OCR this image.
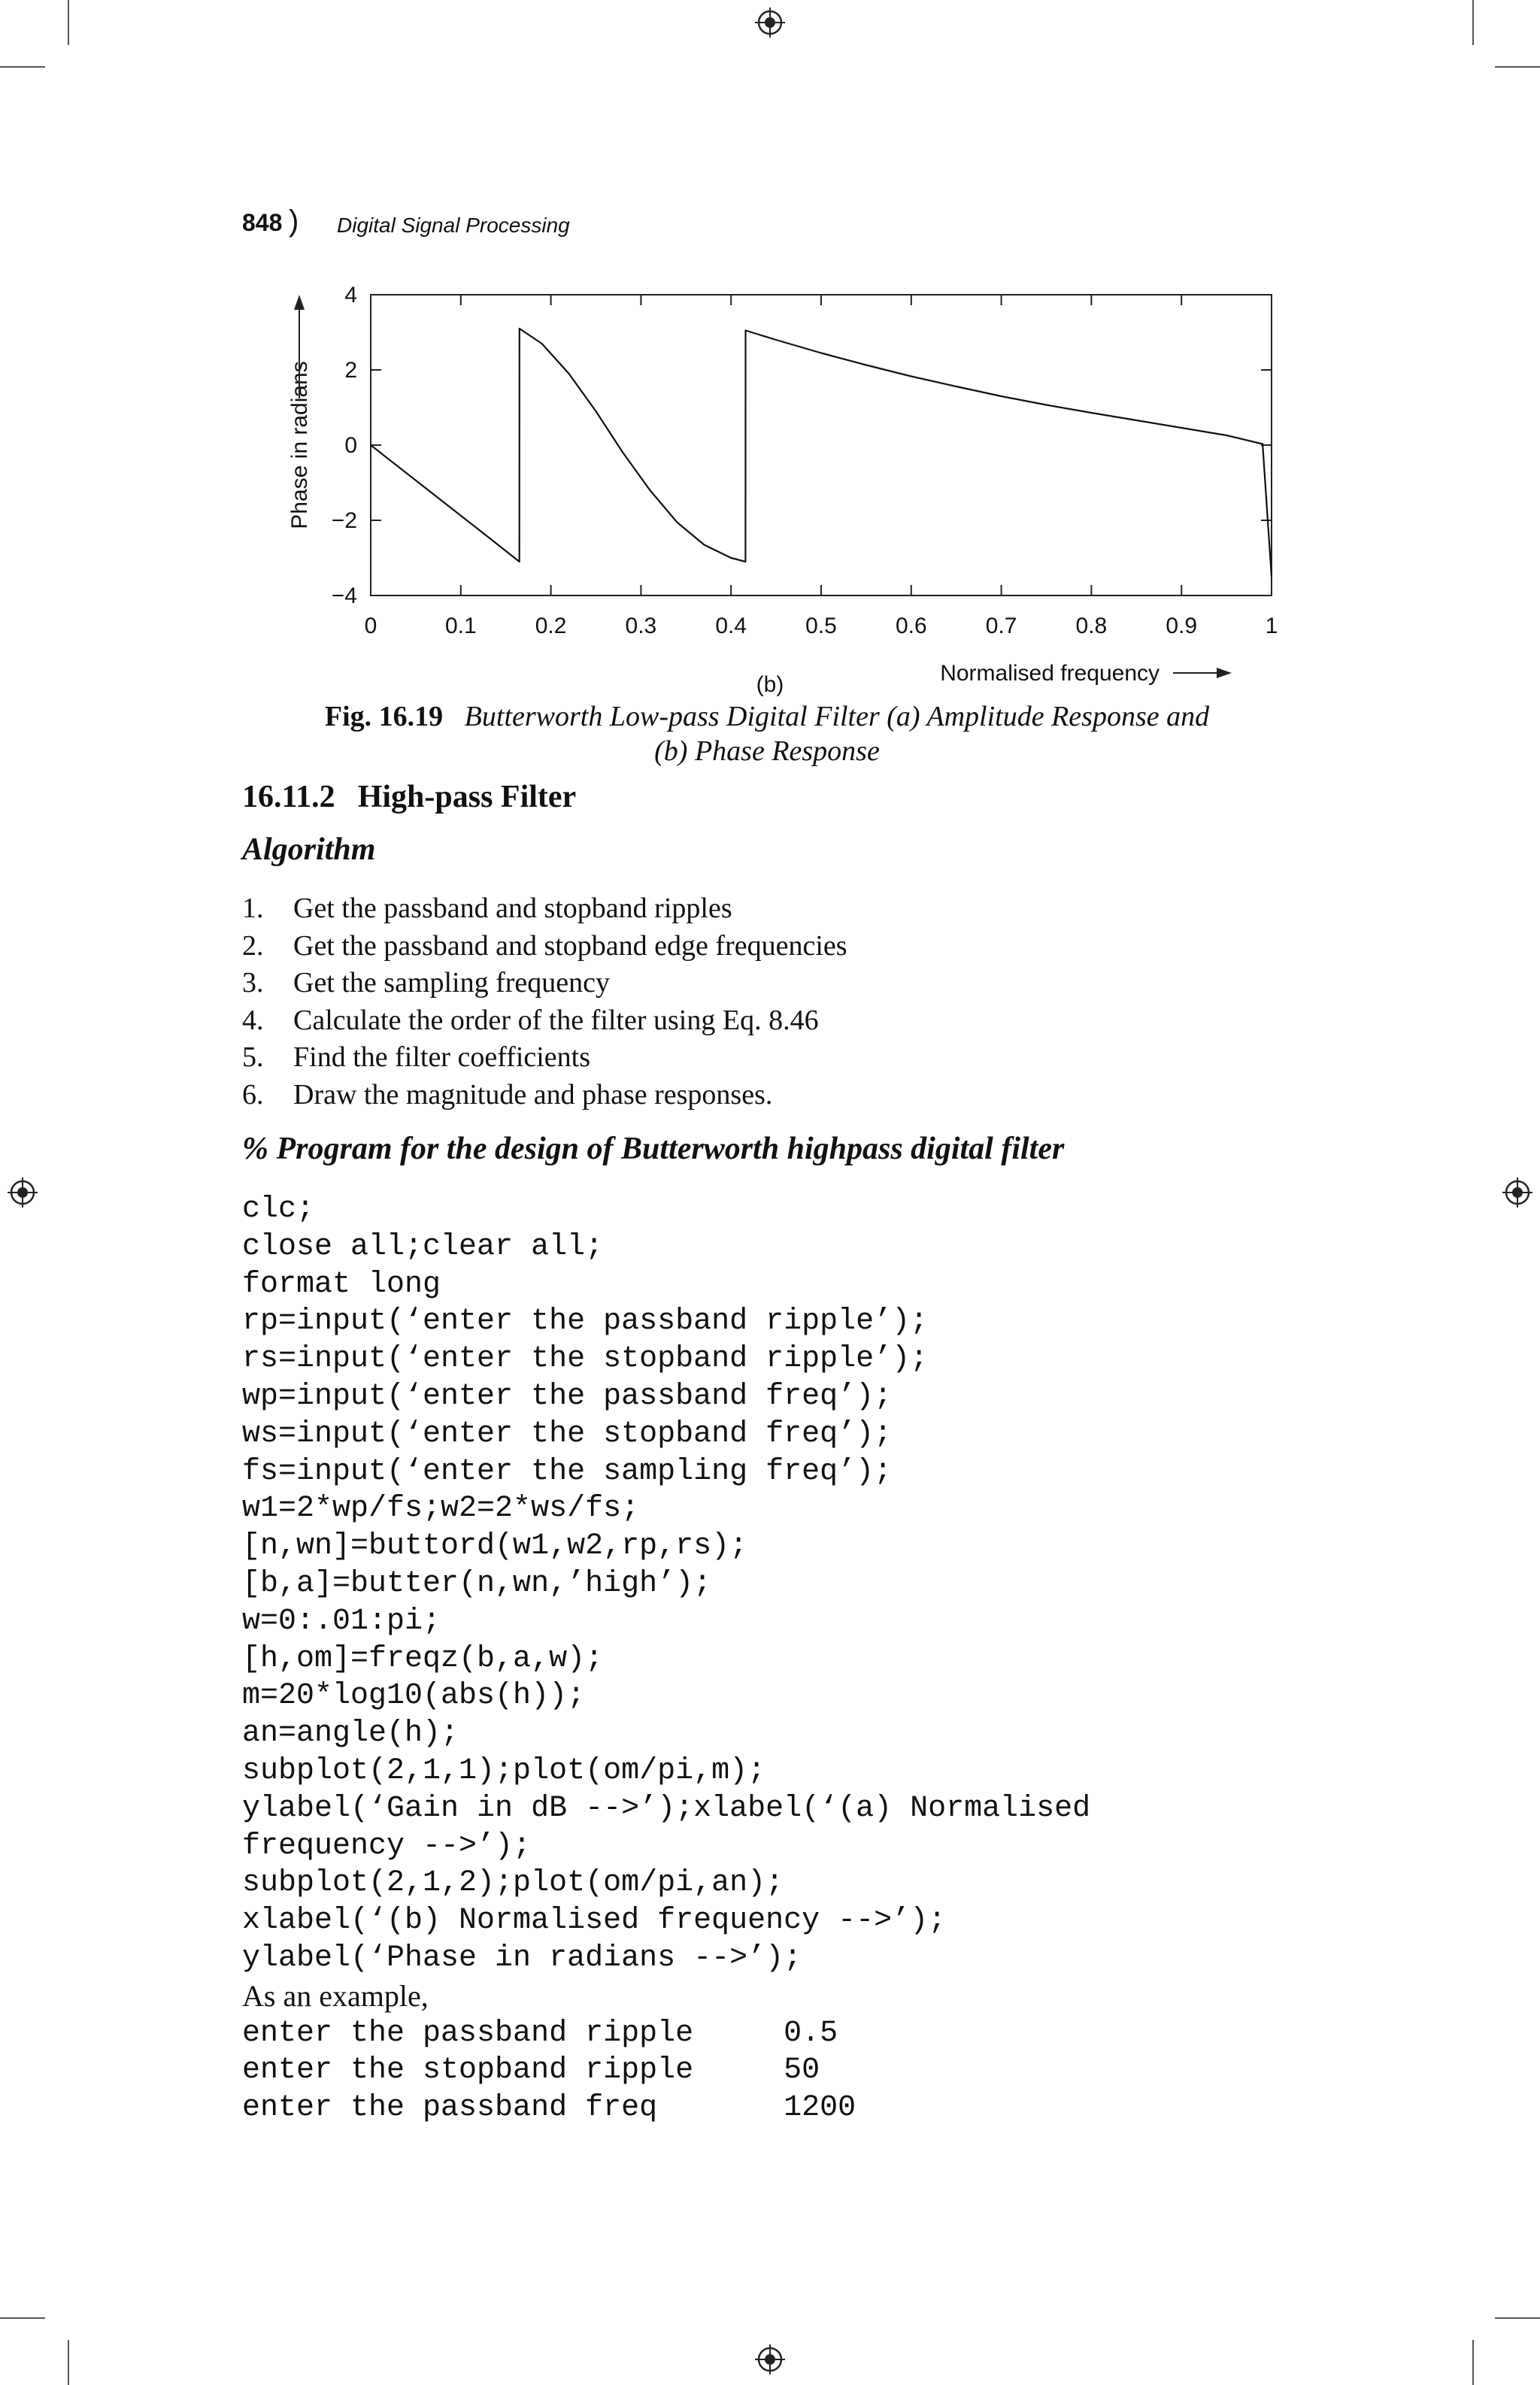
848 ) Digital Signal Processing
0	0.1	0.2	0.3	0.4	0.5	0.6	0.7	0.8	0.9	1
4
2
0
−2
−4
Phase in radians
(b)	Normalised frequency
Fig. 16.19 Butterworth Low-pass Digital Filter (a) Amplitude Response and
(b) Phase Response
16.11.2 High-pass Filter
Algorithm
1. Get the passband and stopband ripples
2. Get the passband and stopband edge frequencies
3. Get the sampling frequency
4. Calculate the order of the filter using Eq. 8.46
5. Find the filter coefficients
6. Draw the magnitude and phase responses.
% Program for the design of Butterworth highpass digital filter
clc;
close all;clear all;
format long
rp=input(‘enter the passband ripple’);
rs=input(‘enter the stopband ripple’);
wp=input(‘enter the passband freq’);
ws=input(‘enter the stopband freq’);
fs=input(‘enter the sampling freq’);
w1=2*wp/fs;w2=2*ws/fs;
[n,wn]=buttord(w1,w2,rp,rs);
[b,a]=butter(n,wn,’high’);
w=0:.01:pi;
[h,om]=freqz(b,a,w);
m=20*log10(abs(h));
an=angle(h);
subplot(2,1,1);plot(om/pi,m);
ylabel(‘Gain in dB -->’);xlabel(‘(a) Normalised
frequency -->’);
subplot(2,1,2);plot(om/pi,an);
xlabel(‘(b) Normalised frequency -->’);
ylabel(‘Phase in radians -->’);
As an example,
enter the passband ripple     0.5
enter the stopband ripple     50
enter the passband freq       1200
